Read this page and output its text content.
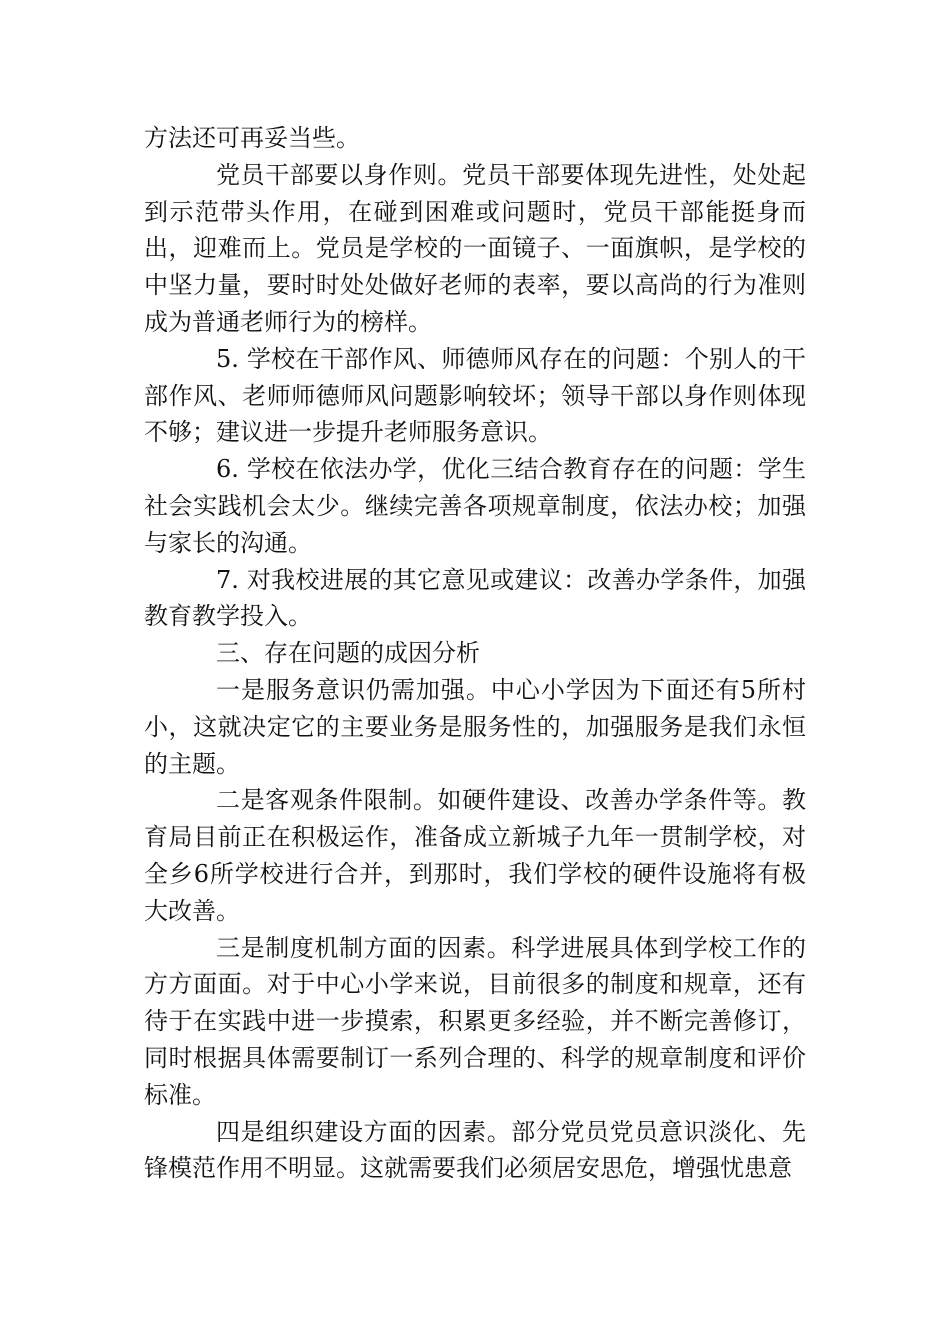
方法还可再妥当些。

党员干部要以身作则。党员干部要体现先进性，处处起到示范带头作用，在碰到困难或问题时，党员干部能挺身而出，迎难而上。党员是学校的一面镜子、一面旗帜，是学校的中坚力量，要时时处处做好老师的表率，要以高尚的行为准则成为普通老师行为的榜样。

5. 学校在干部作风、师德师风存在的问题：个别人的干部作风、老师师德师风问题影响较坏；领导干部以身作则体现不够；建议进一步提升老师服务意识。

6. 学校在依法办学，优化三结合教育存在的问题：学生社会实践机会太少。继续完善各项规章制度，依法办校；加强与家长的沟通。

7. 对我校进展的其它意见或建议：改善办学条件，加强教育教学投入。

三、存在问题的成因分析

一是服务意识仍需加强。中心小学因为下面还有5所村小，这就决定它的主要业务是服务性的，加强服务是我们永恒的主题。

二是客观条件限制。如硬件建设、改善办学条件等。教育局目前正在积极运作，准备成立新城子九年一贯制学校，对全乡6所学校进行合并，到那时，我们学校的硬件设施将有极大改善。

三是制度机制方面的因素。科学进展具体到学校工作的方方面面。对于中心小学来说，目前很多的制度和规章，还有待于在实践中进一步摸索，积累更多经验，并不断完善修订，同时根据具体需要制订一系列合理的、科学的规章制度和评价标准。

四是组织建设方面的因素。部分党员党员意识淡化、先锋模范作用不明显。这就需要我们必须居安思危，增强忧患意
